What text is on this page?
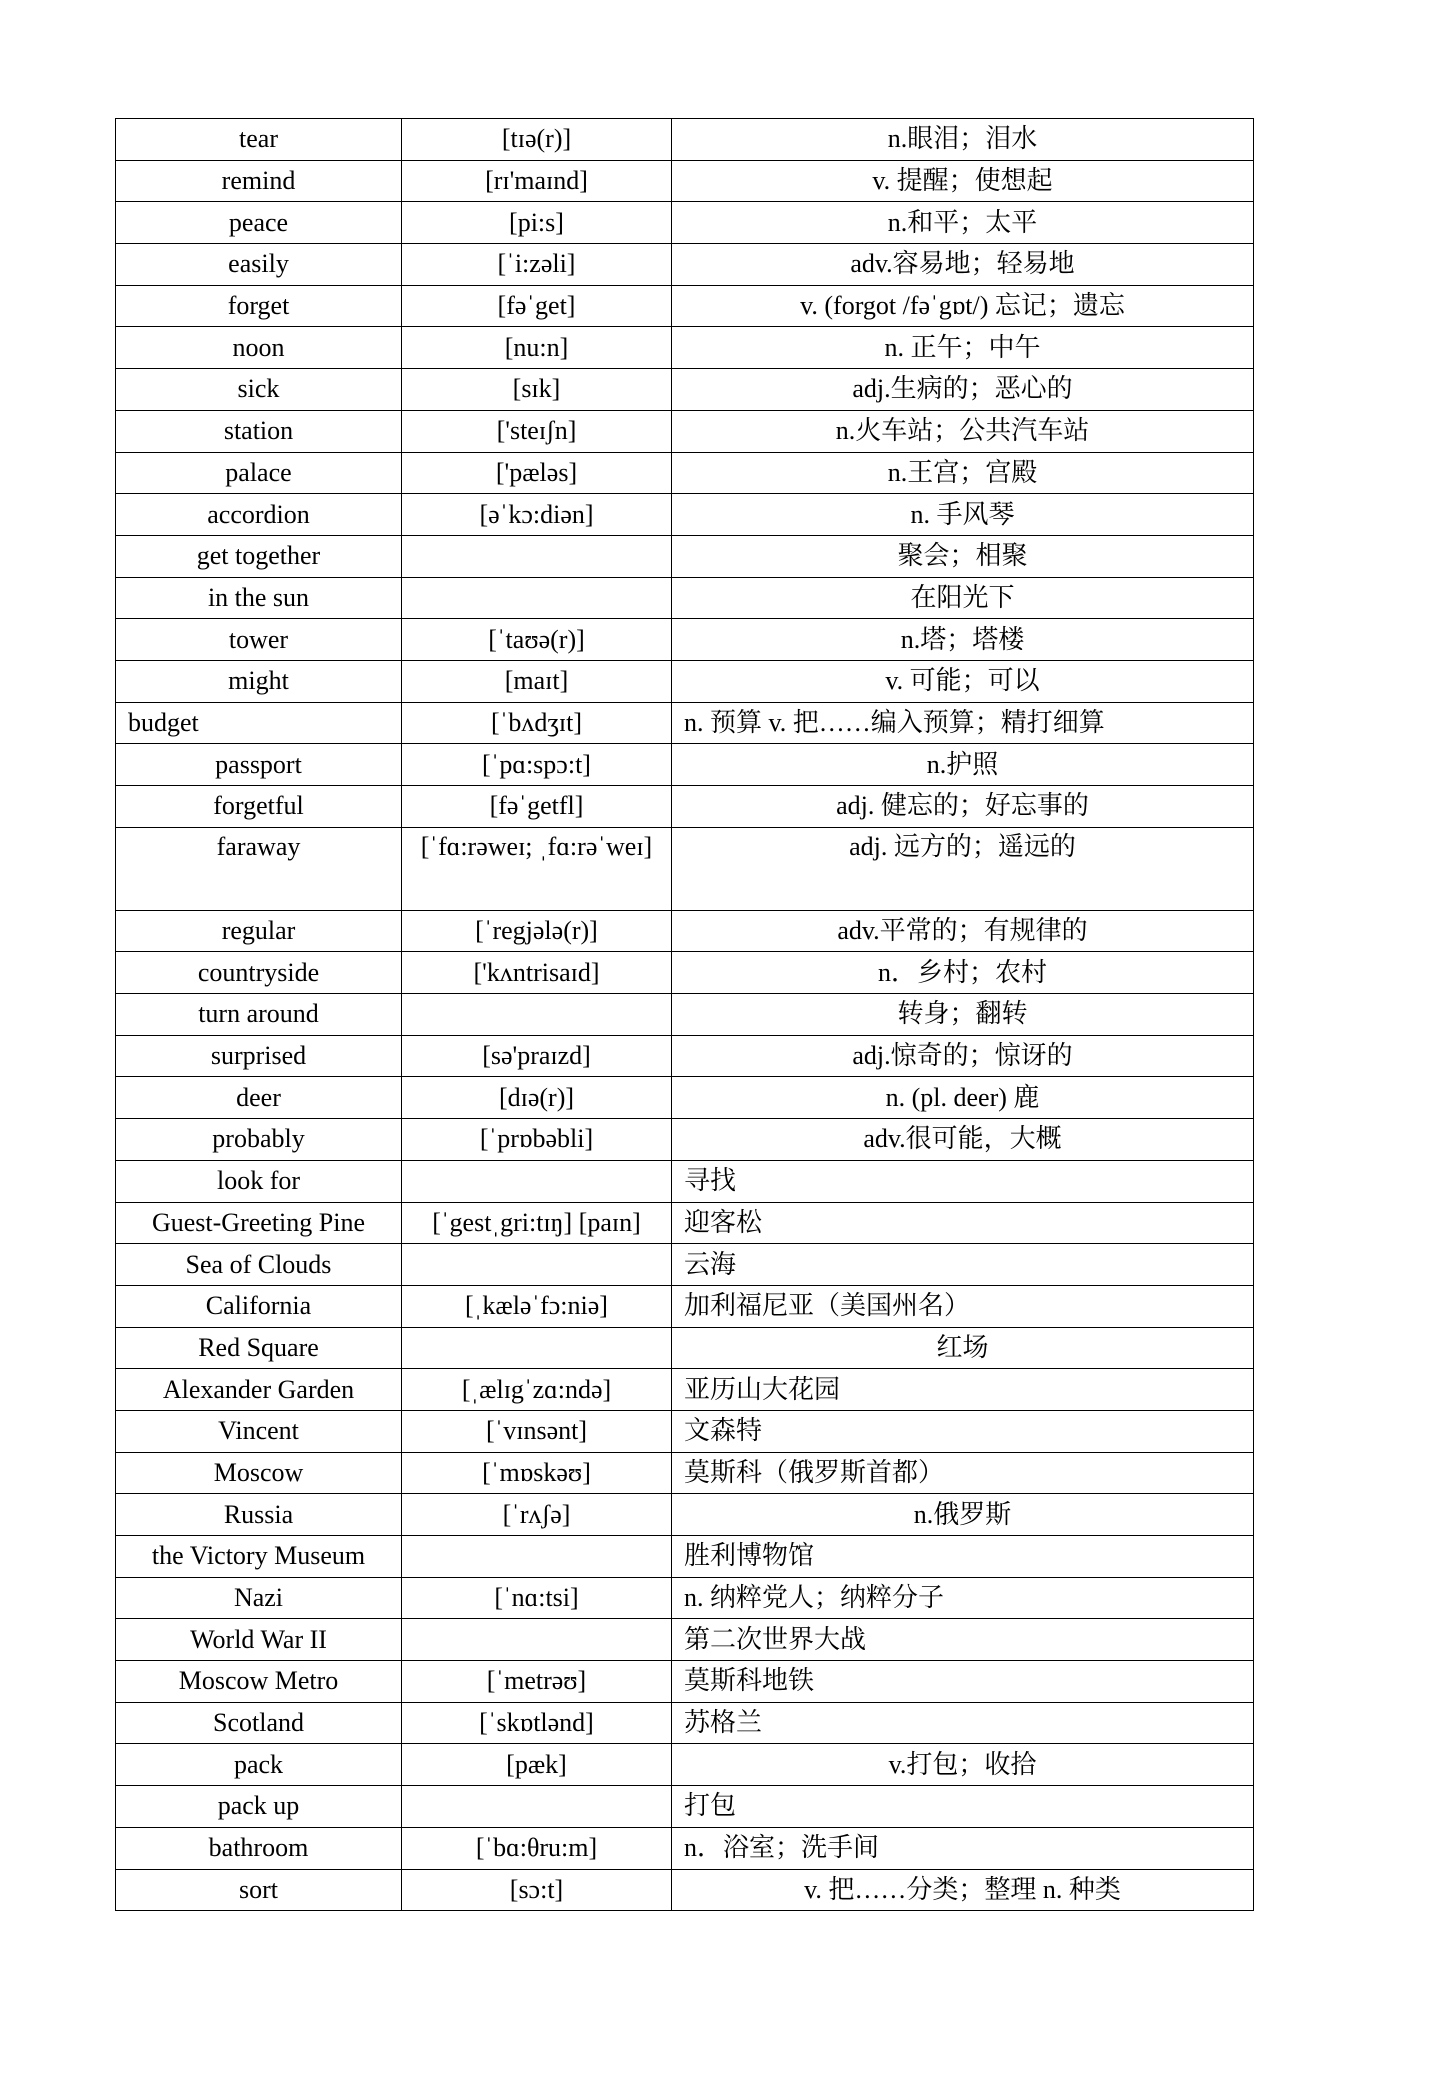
tear	[tɪə(r)]	n.眼泪；泪水
remind	[rɪ'maɪnd]	v. 提醒；使想起
peace	[pi:s]	n.和平；太平
easily	[ˈi:zəli]	adv.容易地；轻易地
forget	[fəˈget]	v. (forgot /fəˈgɒt/) 忘记；遗忘
noon	[nu:n]	n. 正午；中午
sick	[sɪk]	adj.生病的；恶心的
station	['steɪʃn]	n.火车站；公共汽车站
palace	['pæləs]	n.王宫；宫殿
accordion	[əˈkɔ:diən]	n. 手风琴
get together		聚会；相聚
in the sun		在阳光下
tower	[ˈtaʊə(r)]	n.塔；塔楼
might	[maɪt]	v. 可能；可以
budget	[ˈbʌdʒɪt]	n. 预算 v. 把……编入预算；精打细算
passport	[ˈpɑ:spɔ:t]	n.护照
forgetful	[fəˈgetfl]	adj. 健忘的；好忘事的
faraway	[ˈfɑ:rəweɪ; ˌfɑ:rəˈweɪ]	adj. 远方的；遥远的
regular	[ˈregjələ(r)]	adv.平常的；有规律的
countryside	['kʌntrisaɪd]	n．乡村；农村
turn around		转身；翻转
surprised	[sə'praɪzd]	adj.惊奇的；惊讶的
deer	[dɪə(r)]	n. (pl. deer) 鹿
probably	[ˈprɒbəbli]	adv.很可能，大概
look for		寻找
Guest-Greeting Pine	[ˈgestˌgri:tɪŋ] [paɪn]	迎客松
Sea of Clouds		云海
California	[ˌkæləˈfɔ:niə]	加利福尼亚（美国州名）
Red Square		红场
Alexander Garden	[ˌælɪgˈzɑ:ndə]	亚历山大花园
Vincent	[ˈvɪnsənt]	文森特
Moscow	[ˈmɒskəʊ]	莫斯科（俄罗斯首都）
Russia	[ˈrʌʃə]	n.俄罗斯
the Victory Museum		胜利博物馆
Nazi	[ˈnɑ:tsi]	n. 纳粹党人；纳粹分子
World War II		第二次世界大战
Moscow Metro	[ˈmetrəʊ]	莫斯科地铁
Scotland	[ˈskɒtlənd]	苏格兰
pack	[pæk]	v.打包；收拾
pack up		打包
bathroom	[ˈbɑ:θru:m]	n．浴室；洗手间
sort	[sɔ:t]	v. 把……分类；整理 n. 种类
